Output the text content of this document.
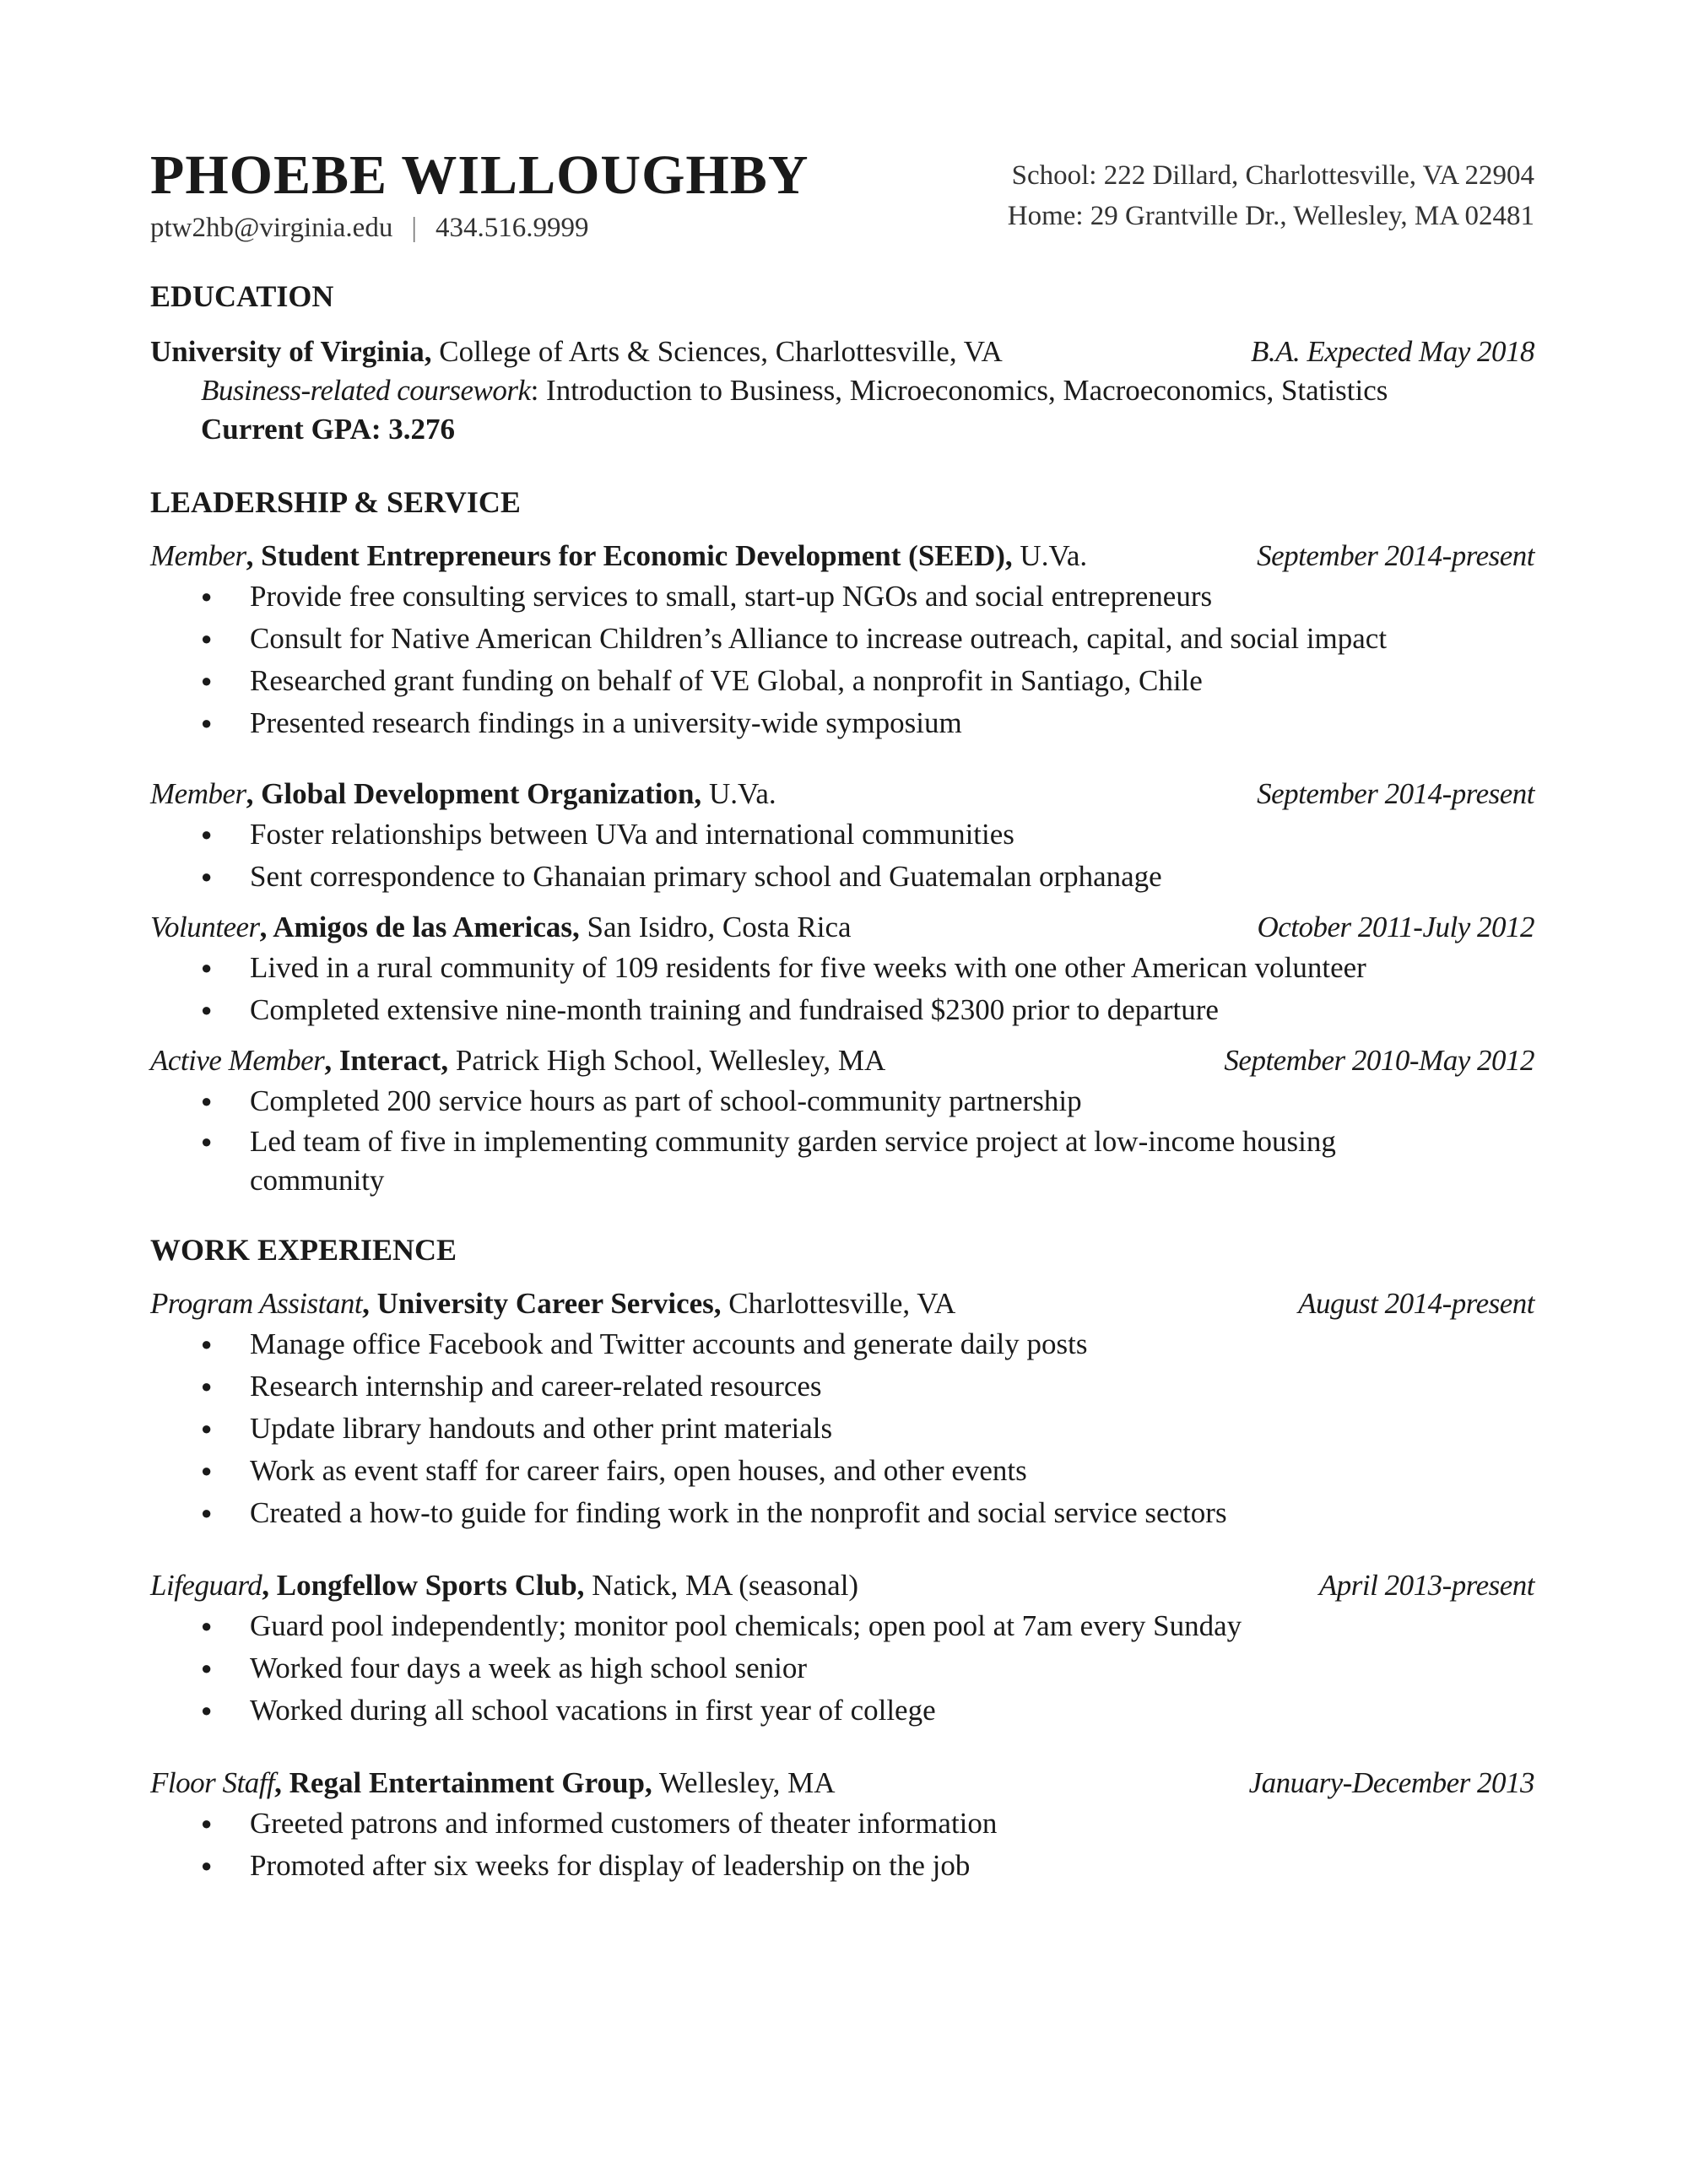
PHOEBE WILLOUGHBY
ptw2hb@virginia.edu | 434.516.9999
School: 222 Dillard, Charlottesville, VA 22904
Home: 29 Grantville Dr., Wellesley, MA 02481
EDUCATION
University of Virginia, College of Arts & Sciences, Charlottesville, VA	B.A. Expected May 2018
Business-related coursework: Introduction to Business, Microeconomics, Macroeconomics, Statistics
Current GPA: 3.276
LEADERSHIP & SERVICE
Member, Student Entrepreneurs for Economic Development (SEED), U.Va.	September 2014-present
● Provide free consulting services to small, start-up NGOs and social entrepreneurs
● Consult for Native American Children’s Alliance to increase outreach, capital, and social impact
● Researched grant funding on behalf of VE Global, a nonprofit in Santiago, Chile
● Presented research findings in a university-wide symposium
Member, Global Development Organization, U.Va.	September 2014-present
● Foster relationships between UVa and international communities
● Sent correspondence to Ghanaian primary school and Guatemalan orphanage
Volunteer, Amigos de las Americas, San Isidro, Costa Rica	October 2011-July 2012
● Lived in a rural community of 109 residents for five weeks with one other American volunteer
● Completed extensive nine-month training and fundraised $2300 prior to departure
Active Member, Interact, Patrick High School, Wellesley, MA	September 2010-May 2012
● Completed 200 service hours as part of school-community partnership
● Led team of five in implementing community garden service project at low-income housing community
WORK EXPERIENCE
Program Assistant, University Career Services, Charlottesville, VA	August 2014-present
● Manage office Facebook and Twitter accounts and generate daily posts
● Research internship and career-related resources
● Update library handouts and other print materials
● Work as event staff for career fairs, open houses, and other events
● Created a how-to guide for finding work in the nonprofit and social service sectors
Lifeguard, Longfellow Sports Club, Natick, MA (seasonal)	April 2013-present
● Guard pool independently; monitor pool chemicals; open pool at 7am every Sunday
● Worked four days a week as high school senior
● Worked during all school vacations in first year of college
Floor Staff, Regal Entertainment Group, Wellesley, MA	January-December 2013
● Greeted patrons and informed customers of theater information
● Promoted after six weeks for display of leadership on the job
